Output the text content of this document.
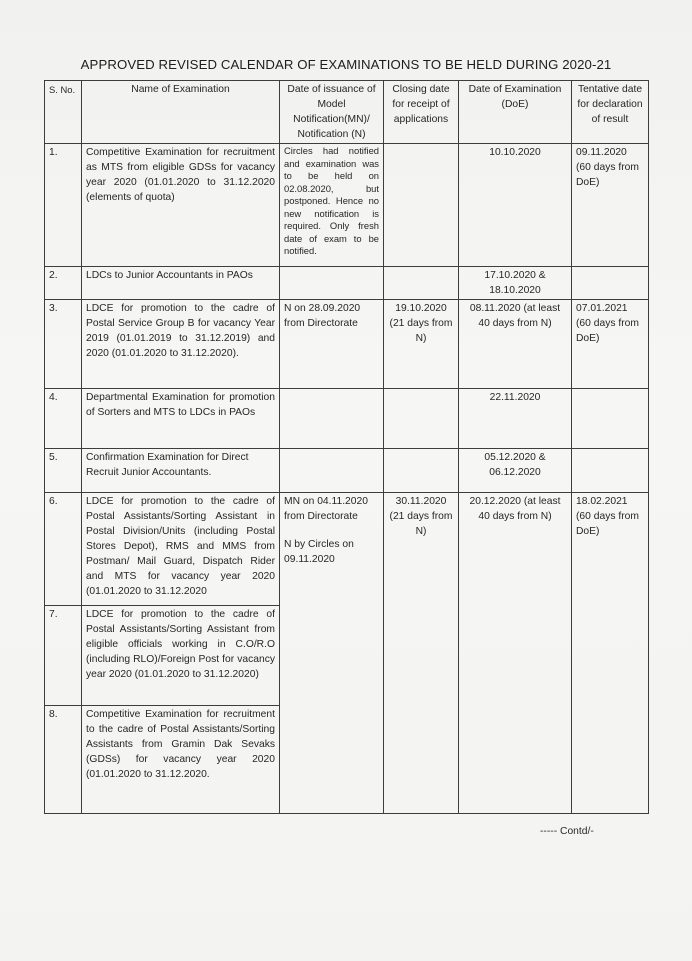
APPROVED REVISED CALENDAR OF EXAMINATIONS TO BE HELD DURING 2020-21
S. No.	Name of Examination	Date of issuance of Model Notification(MN)/ Notification (N)	Closing date for receipt of applications	Date of Examination (DoE)	Tentative date for declaration of result
1.	Competitive Examination for recruitment as MTS from eligible GDSs for vacancy year 2020 (01.01.2020 to 31.12.2020 (elements of quota)	Circles had notified and examination was to be held on 02.08.2020, but postponed. Hence no new notification is required. Only fresh date of exam to be notified.		10.10.2020	09.11.2020 (60 days from DoE)
2.	LDCs to Junior Accountants in PAOs			17.10.2020 & 18.10.2020	
3.	LDCE for promotion to the cadre of Postal Service Group B for vacancy Year 2019 (01.01.2019 to 31.12.2019) and 2020 (01.01.2020 to 31.12.2020).	N on 28.09.2020 from Directorate	19.10.2020 (21 days from N)	08.11.2020 (at least 40 days from N)	07.01.2021 (60 days from DoE)
4.	Departmental Examination for promotion of Sorters and MTS to LDCs in PAOs			22.11.2020	
5.	Confirmation Examination for Direct Recruit Junior Accountants.			05.12.2020 & 06.12.2020	
6.	LDCE for promotion to the cadre of Postal Assistants/Sorting Assistant in Postal Division/Units (including Postal Stores Depot), RMS and MMS from Postman/ Mail Guard, Dispatch Rider and MTS for vacancy year 2020 (01.01.2020 to 31.12.2020	MN on 04.11.2020 from Directorate
N by Circles on 09.11.2020	30.11.2020 (21 days from N)	20.12.2020 (at least 40 days from N)	18.02.2021 (60 days from DoE)
7.	LDCE for promotion to the cadre of Postal Assistants/Sorting Assistant from eligible officials working in C.O/R.O (including RLO)/Foreign Post for vacancy year 2020 (01.01.2020 to 31.12.2020)				
8.	Competitive Examination for recruitment to the cadre of Postal Assistants/Sorting Assistants from Gramin Dak Sevaks (GDSs) for vacancy year 2020 (01.01.2020 to 31.12.2020.				
----- Contd/-
